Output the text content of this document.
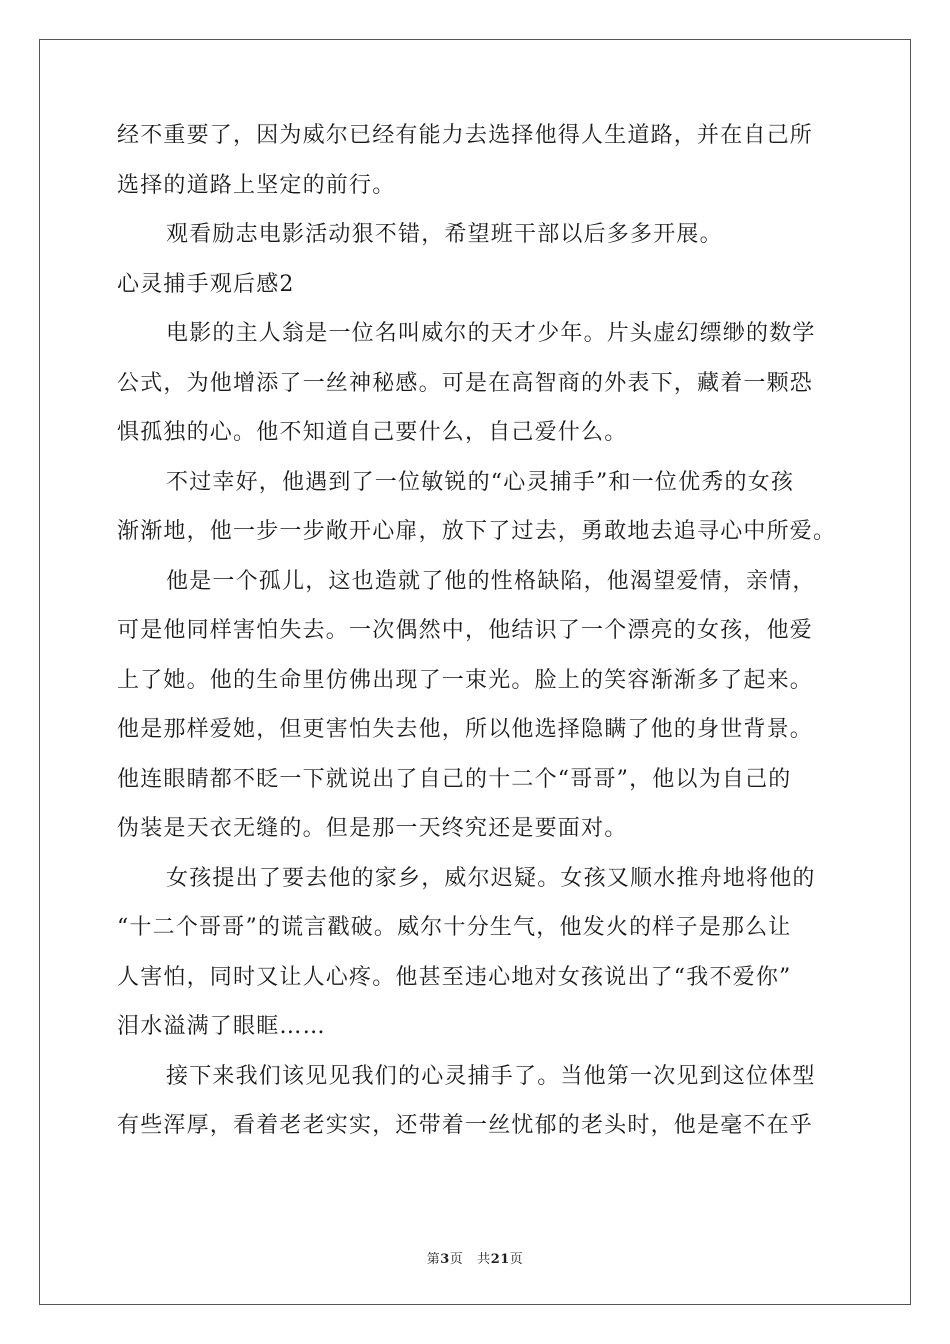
经不重要了，因为威尔已经有能力去选择他得人生道路，并在自己所
选择的道路上坚定的前行。
观看励志电影活动狠不错，希望班干部以后多多开展。
心灵捕手观后感2
电影的主人翁是一位名叫威尔的天才少年。片头虚幻缥缈的数学
公式，为他增添了一丝神秘感。可是在高智商的外表下，藏着一颗恐
惧孤独的心。他不知道自己要什么，自己爱什么。
不过幸好，他遇到了一位敏锐的“心灵捕手”和一位优秀的女孩
渐渐地，他一步一步敞开心扉，放下了过去，勇敢地去追寻心中所爱。
他是一个孤儿，这也造就了他的性格缺陷，他渴望爱情，亲情，
可是他同样害怕失去。一次偶然中，他结识了一个漂亮的女孩，他爱
上了她。他的生命里仿佛出现了一束光。脸上的笑容渐渐多了起来。
他是那样爱她，但更害怕失去他，所以他选择隐瞒了他的身世背景。
他连眼睛都不眨一下就说出了自己的十二个“哥哥”，他以为自己的
伪装是天衣无缝的。但是那一天终究还是要面对。
女孩提出了要去他的家乡，威尔迟疑。女孩又顺水推舟地将他的
“十二个哥哥”的谎言戳破。威尔十分生气，他发火的样子是那么让
人害怕，同时又让人心疼。他甚至违心地对女孩说出了“我不爱你”
泪水溢满了眼眶……
接下来我们该见见我们的心灵捕手了。当他第一次见到这位体型
有些浑厚，看着老老实实，还带着一丝忧郁的老头时，他是毫不在乎
第3页 共21页
